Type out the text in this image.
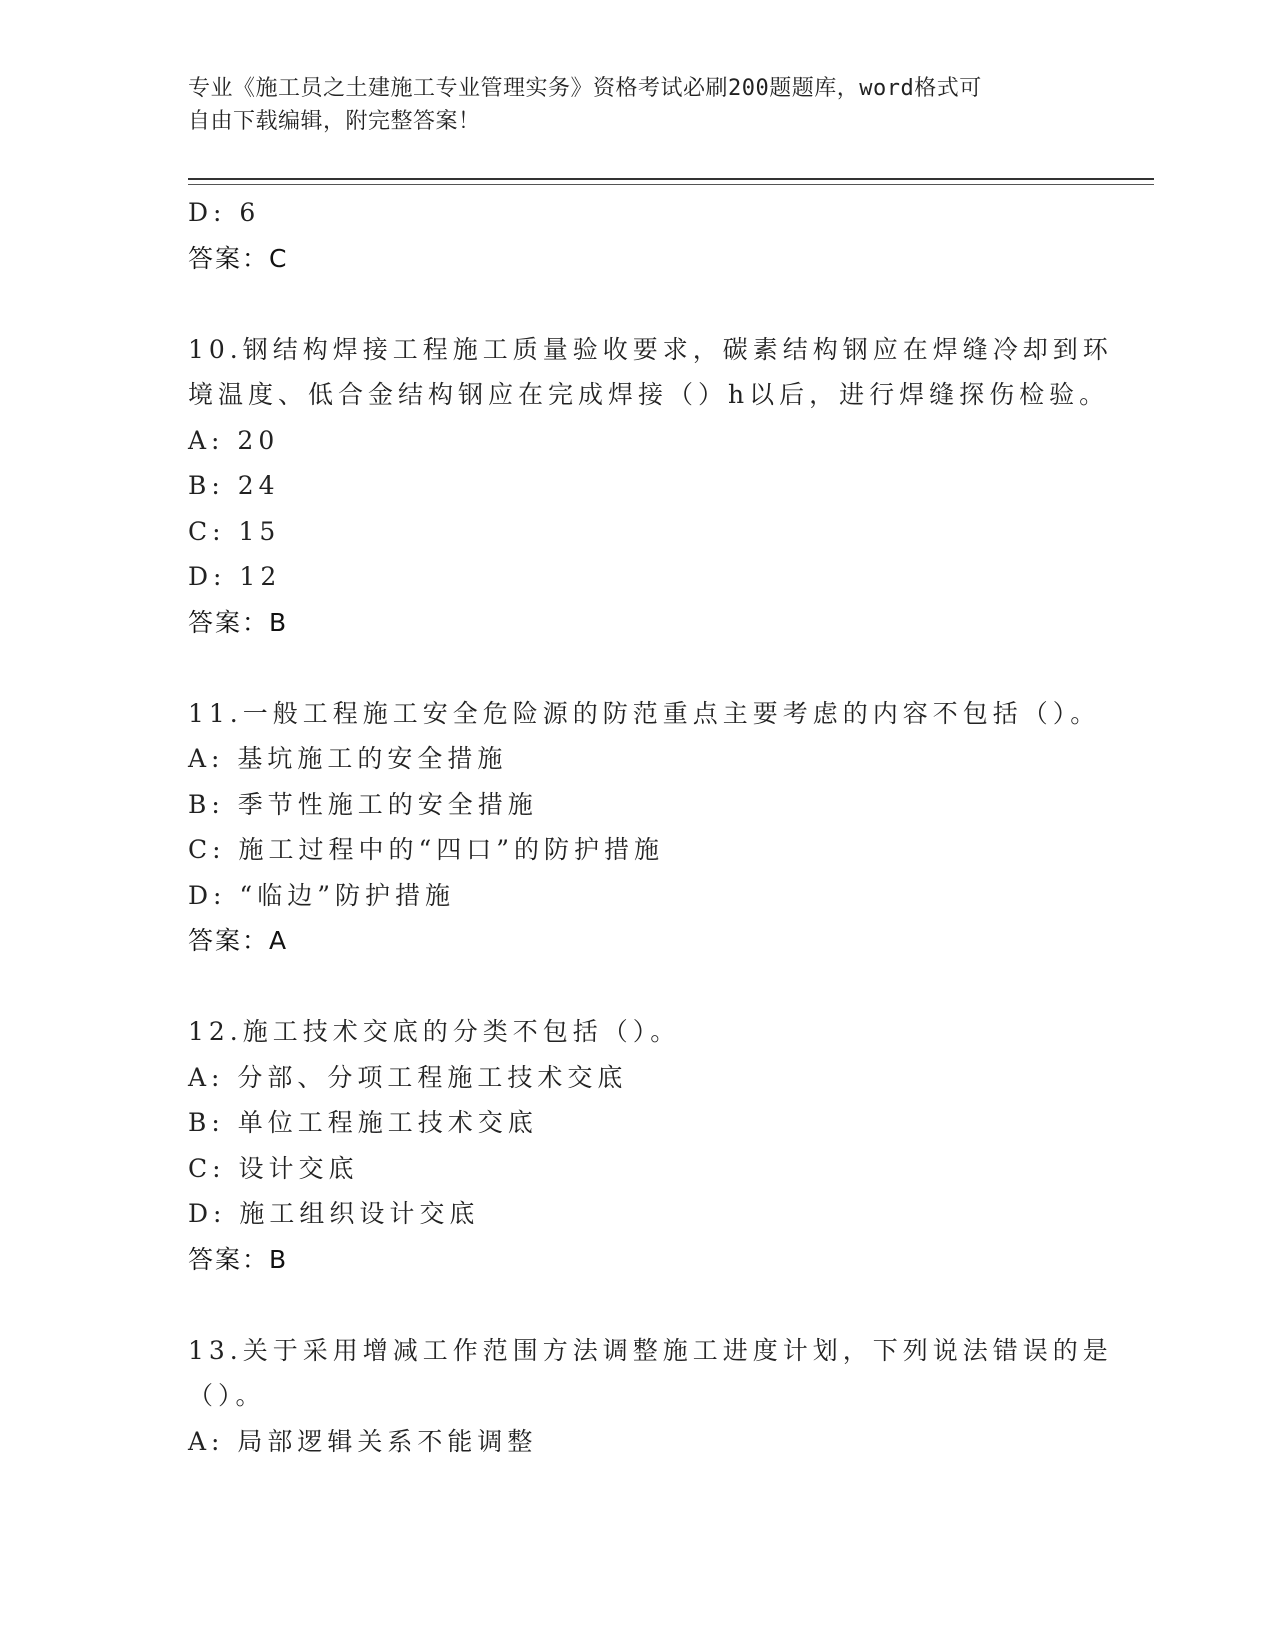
专业《施工员之土建施工专业管理实务》资格考试必刷200题题库，word格式可
自由下载编辑，附完整答案！
D: 6
答案：C
10.钢结构焊接工程施工质量验收要求，碳素结构钢应在焊缝冷却到环
境温度、低合金结构钢应在完成焊接（）h以后，进行焊缝探伤检验。
A: 20
B: 24
C: 15
D: 12
答案：B
11.一般工程施工安全危险源的防范重点主要考虑的内容不包括（）。
A: 基坑施工的安全措施
B: 季节性施工的安全措施
C: 施工过程中的“四口”的防护措施
D: “临边”防护措施
答案：A
12.施工技术交底的分类不包括（）。
A: 分部、分项工程施工技术交底
B: 单位工程施工技术交底
C: 设计交底
D: 施工组织设计交底
答案：B
13.关于采用增减工作范围方法调整施工进度计划，下列说法错误的是
（）。
A: 局部逻辑关系不能调整
